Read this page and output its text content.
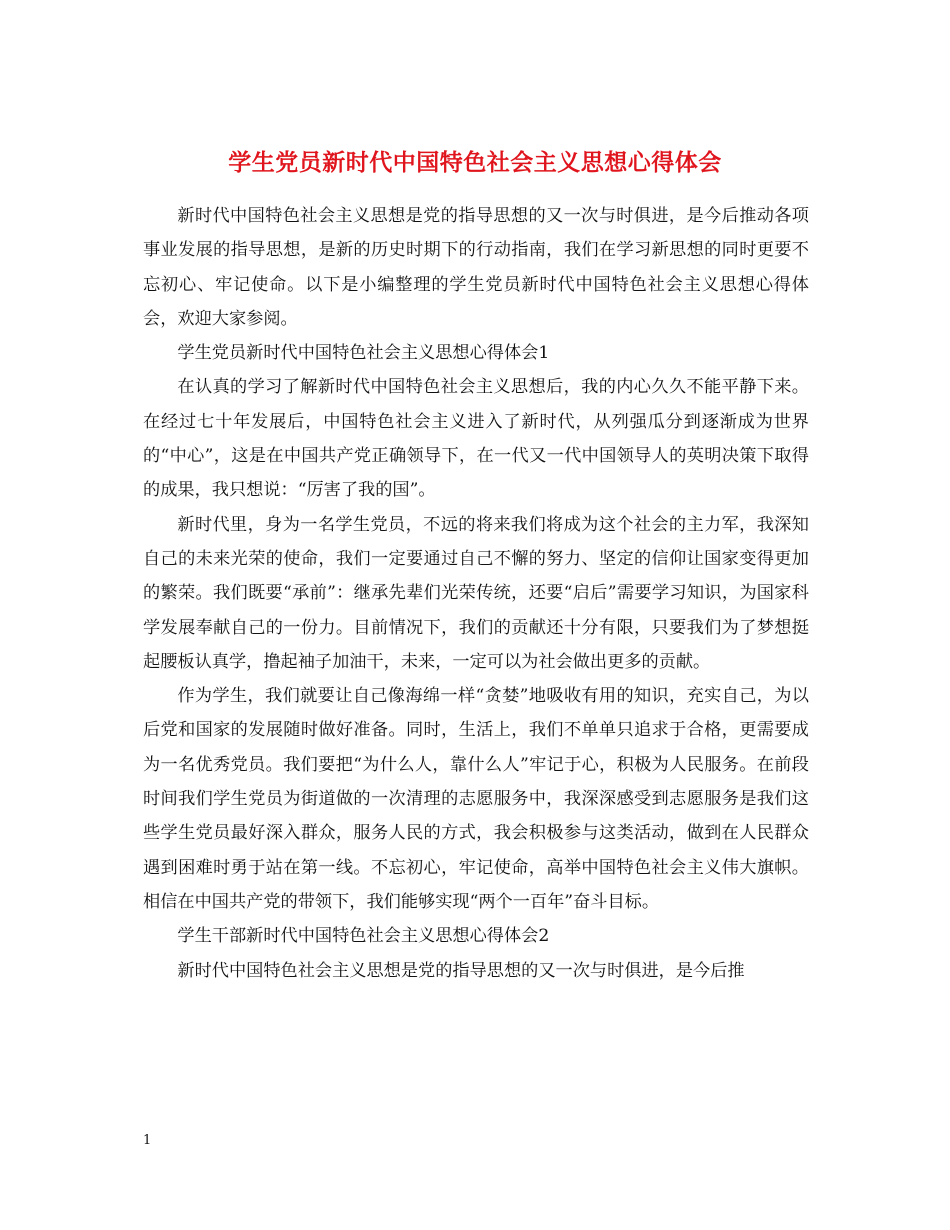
学生党员新时代中国特色社会主义思想心得体会

新时代中国特色社会主义思想是党的指导思想的又一次与时俱进，是今后推动各项事业发展的指导思想，是新的历史时期下的行动指南，我们在学习新思想的同时更要不忘初心、牢记使命。以下是小编整理的学生党员新时代中国特色社会主义思想心得体会，欢迎大家参阅。

学生党员新时代中国特色社会主义思想心得体会1

在认真的学习了解新时代中国特色社会主义思想后，我的内心久久不能平静下来。在经过七十年发展后，中国特色社会主义进入了新时代，从列强瓜分到逐渐成为世界的“中心”，这是在中国共产党正确领导下，在一代又一代中国领导人的英明决策下取得的成果，我只想说：“厉害了我的国”。

新时代里，身为一名学生党员，不远的将来我们将成为这个社会的主力军，我深知自己的未来光荣的使命，我们一定要通过自己不懈的努力、坚定的信仰让国家变得更加的繁荣。我们既要“承前”：继承先辈们光荣传统，还要“启后”需要学习知识，为国家科学发展奉献自己的一份力。目前情况下，我们的贡献还十分有限，只要我们为了梦想挺起腰板认真学，撸起袖子加油干，未来，一定可以为社会做出更多的贡献。

作为学生，我们就要让自己像海绵一样“贪婪”地吸收有用的知识，充实自己，为以后党和国家的发展随时做好准备。同时，生活上，我们不单单只追求于合格，更需要成为一名优秀党员。我们要把“为什么人，靠什么人”牢记于心，积极为人民服务。在前段时间我们学生党员为街道做的一次清理的志愿服务中，我深深感受到志愿服务是我们这些学生党员最好深入群众，服务人民的方式，我会积极参与这类活动，做到在人民群众遇到困难时勇于站在第一线。不忘初心，牢记使命，高举中国特色社会主义伟大旗帜。相信在中国共产党的带领下，我们能够实现“两个一百年”奋斗目标。

学生干部新时代中国特色社会主义思想心得体会2

新时代中国特色社会主义思想是党的指导思想的又一次与时俱进，是今后推

1
